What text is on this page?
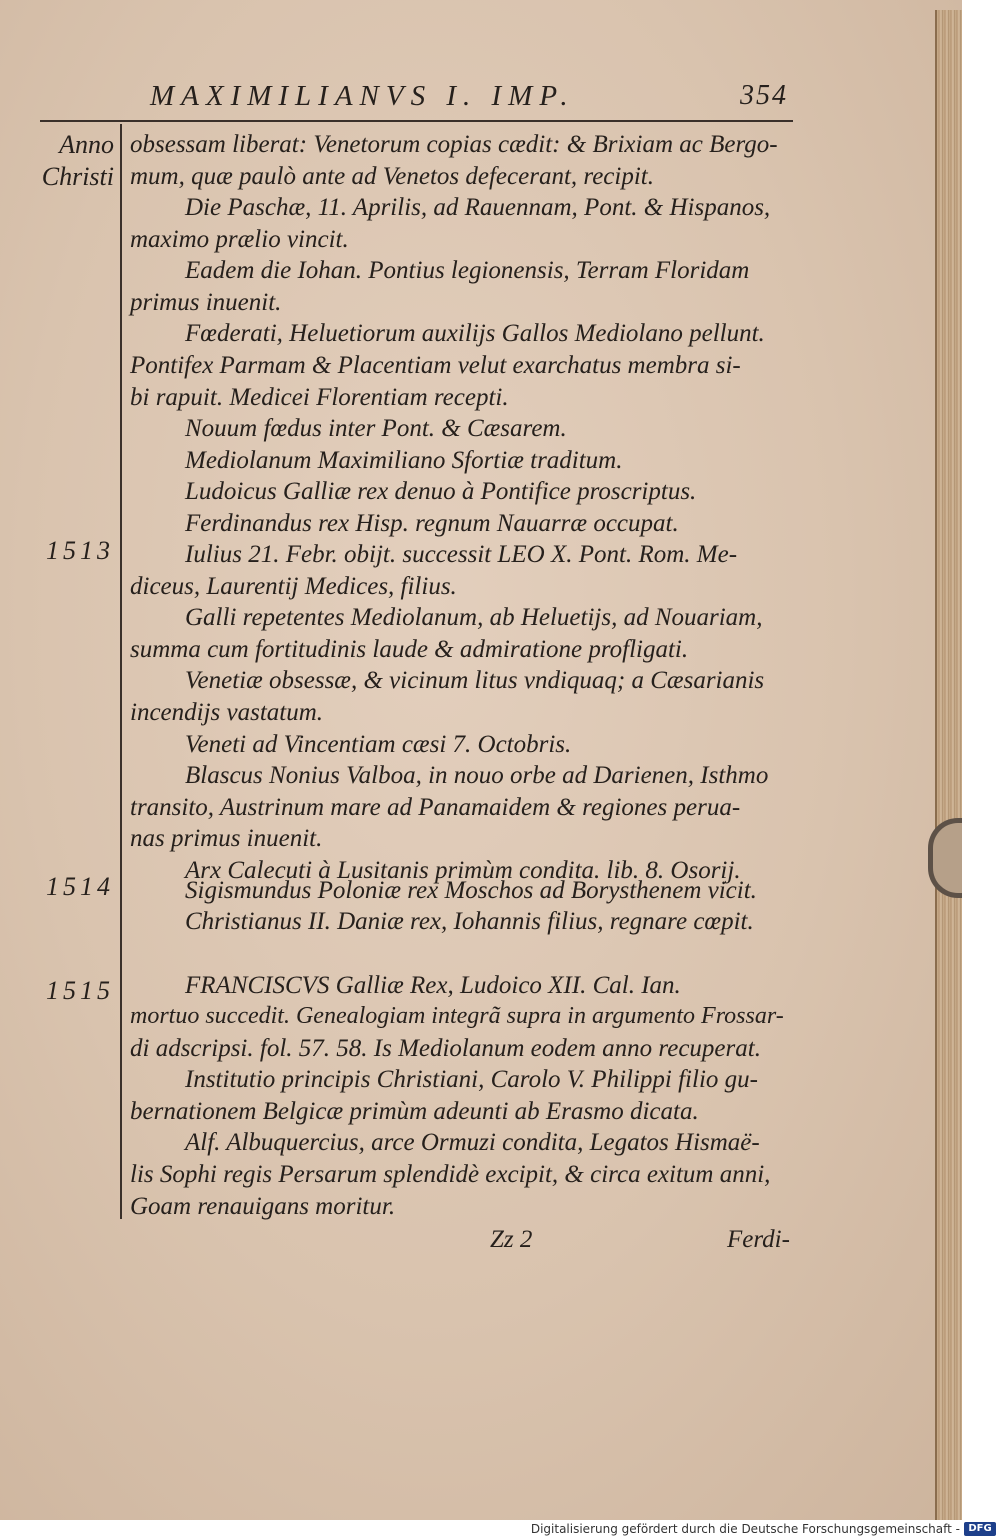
MAXIMILIANVS I. IMP.	354
Anno
Christi
1513
1514
1515
obsessam liberat: Venetorum copias cædit: & Brixiam ac Bergo-
mum, quæ paulò ante ad Venetos defecerant, recipit.
Die Paschæ, 11. Aprilis, ad Rauennam, Pont. & Hispanos,
maximo prælio vincit.
Eadem die Iohan. Pontius legionensis, Terram Floridam
primus inuenit.
Fœderati, Heluetiorum auxilijs Gallos Mediolano pellunt.
Pontifex Parmam & Placentiam velut exarchatus membra si-
bi rapuit. Medicei Florentiam recepti.
Nouum fœdus inter Pont. & Cæsarem.
Mediolanum Maximiliano Sfortiæ traditum.
Ludoicus Galliæ rex denuo à Pontifice proscriptus.
Ferdinandus rex Hisp. regnum Nauarræ occupat.
Iulius 21. Febr. obijt. successit LEO X. Pont. Rom. Me-
diceus, Laurentij Medices, filius.
Galli repetentes Mediolanum, ab Heluetijs, ad Nouariam,
summa cum fortitudinis laude & admiratione profligati.
Venetiæ obsessæ, & vicinum litus vndiquaq; a Cæsarianis
incendijs vastatum.
Veneti ad Vincentiam cæsi 7. Octobris.
Blascus Nonius Valboa, in nouo orbe ad Darienen, Isthmo
transito, Austrinum mare ad Panamaidem & regiones perua-
nas primus inuenit.
Arx Calecuti à Lusitanis primùm condita. lib. 8. Osorij.
Sigismundus Poloniæ rex Moschos ad Borysthenem vicit.
Christianus II. Daniæ rex, Iohannis filius, regnare cœpit.
FRANCISCVS Galliæ Rex, Ludoico XII. Cal. Ian.
mortuo succedit. Genealogiam integrã supra in argumento Frossar-
di adscripsi. fol. 57. 58. Is Mediolanum eodem anno recuperat.
Institutio principis Christiani, Carolo V. Philippi filio gu-
bernationem Belgicæ primùm adeunti ab Erasmo dicata.
Alf. Albuquercius, arce Ormuzi condita, Legatos Hismaë-
lis Sophi regis Persarum splendidè excipit, & circa exitum anni,
Goam renauigans moritur.
Zz 2	Ferdi-
Digitalisierung gefördert durch die Deutsche Forschungsgemeinschaft - DFG
